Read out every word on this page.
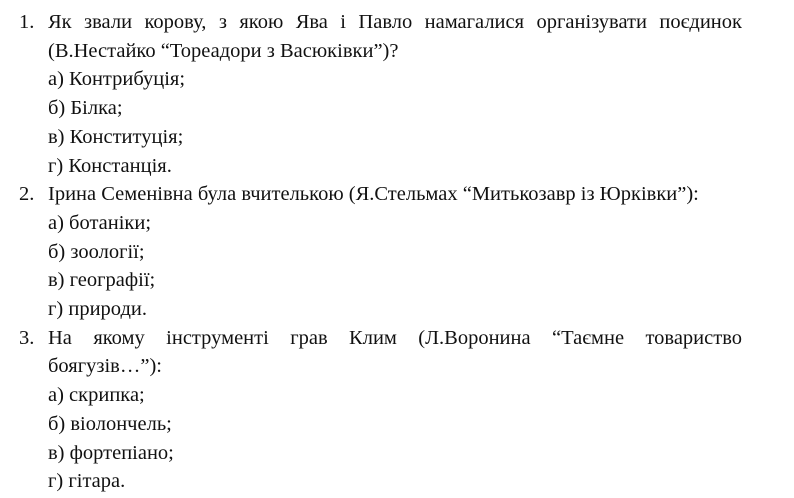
1. Як звали корову, з якою Ява і Павло намагалися організувати поєдинок
(В.Нестайко “Тореадори з Васюківки”)?

а) Контрибуція;
б) Білка;
в) Конституція;
г) Констанція.
2. Ірина Семенівна була вчителькою (Я.Стельмах “Митькозавр із Юрківки”):

а) ботаніки;
б) зоології;
в) географії;
г) природи.
3. На якому інструменті грав Клим (Л.Воронина “Таємне товариство
боягузів…”):

а) скрипка;
б) віолончель;
в) фортепіано;
г) гітара.
